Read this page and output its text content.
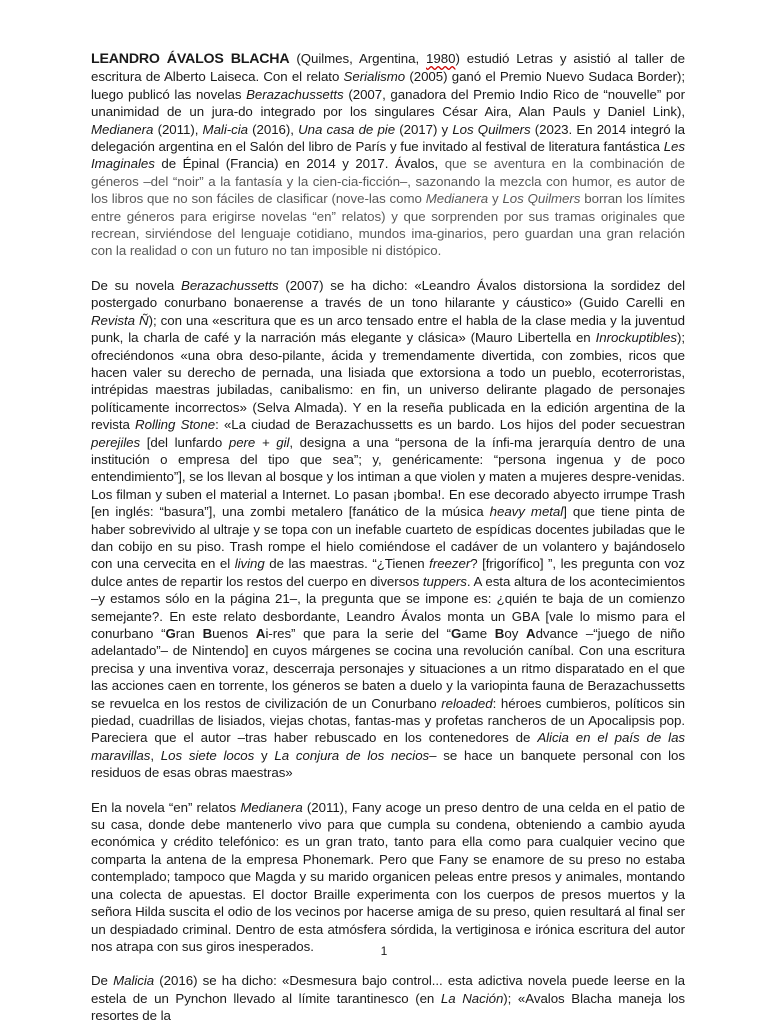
LEANDRO ÁVALOS BLACHA (Quilmes, Argentina, 1980) estudió Letras y asistió al taller de escritura de Alberto Laiseca. Con el relato Serialismo (2005) ganó el Premio Nuevo Sudaca Border); luego publicó las novelas Berazachussetts (2007, ganadora del Premio Indio Rico de “nouvelle” por unanimidad de un jura-do integrado por los singulares César Aira, Alan Pauls y Daniel Link), Medianera (2011), Mali-cia (2016), Una casa de pie (2017) y Los Quilmers (2023. En 2014 integró la delegación argentina en el Salón del libro de París y fue invitado al festival de literatura fantástica Les Imaginales de Épinal (Francia) en 2014 y 2017. Ávalos, que se aventura en la combinación de géneros –del “noir” a la fantasía y la cien-cia-ficción–, sazonando la mezcla con humor, es autor de los libros que no son fáciles de clasificar (nove-las como Medianera y Los Quilmers borran los límites entre géneros para erigirse novelas “en” relatos) y que sorprenden por sus tramas originales que recrean, sirviéndose del lenguaje cotidiano, mundos ima-ginarios, pero guardan una gran relación con la realidad o con un futuro no tan imposible ni distópico.

De su novela Berazachussetts (2007) se ha dicho: «Leandro Ávalos distorsiona la sordidez del postergado conurbano bonaerense a través de un tono hilarante y cáustico» (Guido Carelli en Revista Ñ); con una «escritura que es un arco tensado entre el habla de la clase media y la juventud punk, la charla de café y la narración más elegante y clásica» (Mauro Libertella en Inrockuptibles); ofreciéndonos «una obra deso-pilante, ácida y tremendamente divertida, con zombies, ricos que hacen valer su derecho de pernada, una lisiada que extorsiona a todo un pueblo, ecoterroristas, intrépidas maestras jubiladas, canibalismo: en fin, un universo delirante plagado de personajes políticamente incorrectos» (Selva Almada). Y en la reseña publicada en la edición argentina de la revista Rolling Stone: «La ciudad de Berazachussetts es un bardo. Los hijos del poder secuestran perejiles [del lunfardo pere + gil, designa a una “persona de la ínfi-ma jerarquía dentro de una institución o empresa del tipo que sea”; y, genéricamente: “persona ingenua y de poco entendimiento”], se los llevan al bosque y los intiman a que violen y maten a mujeres despre-venidas. Los filman y suben el material a Internet. Lo pasan ¡bomba!. En ese decorado abyecto irrumpe Trash [en inglés: “basura”], una zombi metalero [fanático de la música heavy metal] que tiene pinta de haber sobrevivido al ultraje y se topa con un inefable cuarteto de espídicas docentes jubiladas que le dan cobijo en su piso. Trash rompe el hielo comiéndose el cadáver de un volantero y bajándoselo con una cervecita en el living de las maestras. “¿Tienen freezer? [frigorífico] ”, les pregunta con voz dulce antes de repartir los restos del cuerpo en diversos tuppers. A esta altura de los acontecimientos –y estamos sólo en la página 21–, la pregunta que se impone es: ¿quién te baja de un comienzo semejante?. En este relato desbordante, Leandro Ávalos monta un GBA [vale lo mismo para el conurbano “Gran Buenos Ai-res” que para la serie del “Game Boy Advance –“juego de niño adelantado”– de Nintendo] en cuyos márgenes se cocina una revolución caníbal. Con una escritura precisa y una inventiva voraz, descerraja personajes y situaciones a un ritmo disparatado en el que las acciones caen en torrente, los géneros se baten a duelo y la variopinta fauna de Berazachussetts se revuelca en los restos de civilización de un Conurbano reloaded: héroes cumbieros, políticos sin piedad, cuadrillas de lisiados, viejas chotas, fantas-mas y profetas rancheros de un Apocalipsis pop. Pareciera que el autor –tras haber rebuscado en los contenedores de Alicia en el país de las maravillas, Los siete locos y La conjura de los necios– se hace un banquete personal con los residuos de esas obras maestras»

En la novela “en” relatos Medianera (2011), Fany acoge un preso dentro de una celda en el patio de su casa, donde debe mantenerlo vivo para que cumpla su condena, obteniendo a cambio ayuda económica y crédito telefónico: es un gran trato, tanto para ella como para cualquier vecino que comparta la antena de la empresa Phonemark. Pero que Fany se enamore de su preso no estaba contemplado; tampoco que Magda y su marido organicen peleas entre presos y animales, montando una colecta de apuestas. El doctor Braille experimenta con los cuerpos de presos muertos y la señora Hilda suscita el odio de los vecinos por hacerse amiga de su preso, quien resultará al final ser un despiadado criminal. Dentro de esta atmósfera sórdida, la vertiginosa e irónica escritura del autor nos atrapa con sus giros inesperados.

De Malicia (2016) se ha dicho: «Desmesura bajo control... esta adictiva novela puede leerse en la estela de un Pynchon llevado al límite tarantinesco (en La Nación); «Avalos Blacha maneja los resortes de la

1
